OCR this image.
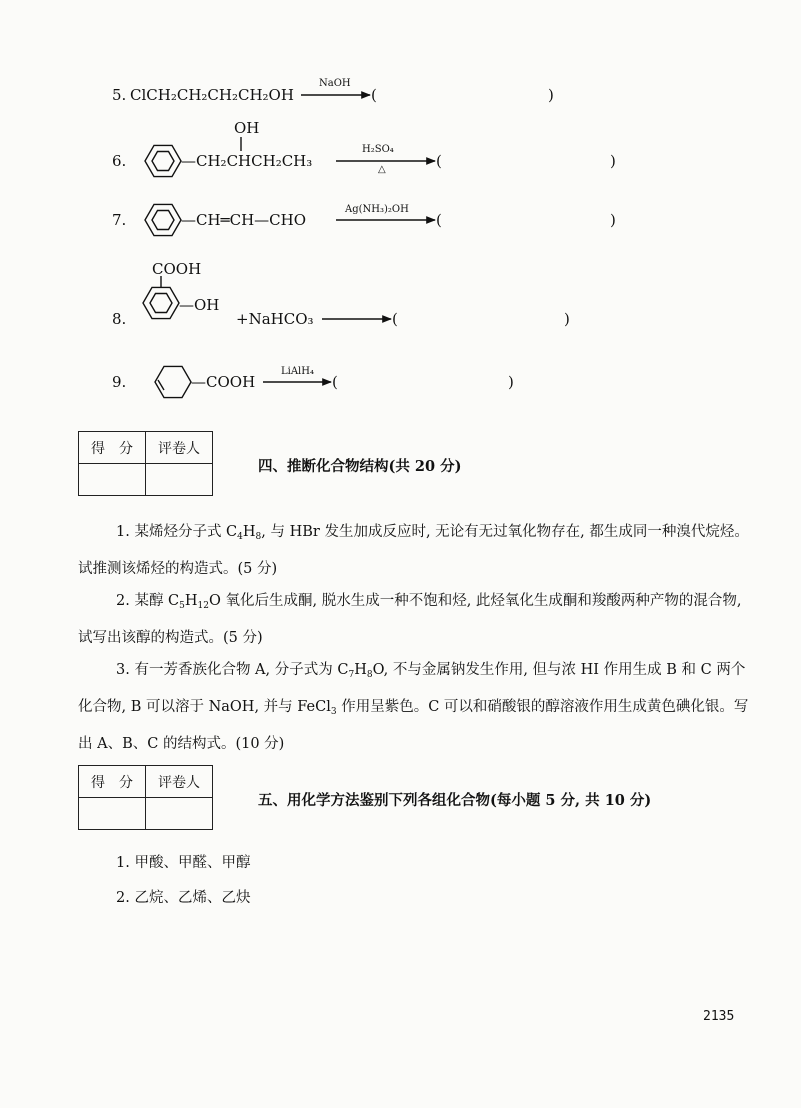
5. ClCH₂CH₂CH₂CH₂OH
NaOH
(	)
6.
OH
—CH₂CHCH₂CH₃
H₂SO₄
△	(	)
7.	—CH═CH—CHO
Ag(NH₃)₂OH
(	)
8.
COOH
—OH
+NaHCO₃	(	)
9.	—COOH
LiAlH₄
(	)
得　分	评卷人

四、推断化合物结构(共 20 分)

1. 某烯烃分子式 $C_4H_8$, 与 HBr 发生加成反应时, 无论有无过氧化物存在, 都生成同一种溴代烷烃。试推测该烯烃的构造式。(5 分)

2. 某醇 $C_5H_{12}O$ 氧化后生成酮, 脱水生成一种不饱和烃, 此烃氧化生成酮和羧酸两种产物的混合物, 试写出该醇的构造式。(5 分)

3. 有一芳香族化合物 A, 分子式为 $C_7H_8O$, 不与金属钠发生作用, 但与浓 HI 作用生成 B 和 C 两个化合物, B 可以溶于 NaOH, 并与 FeCl$_3$ 作用呈紫色。C 可以和硝酸银的醇溶液作用生成黄色碘化银。写出 A、B、C 的结构式。(10 分)

得　分	评卷人

五、用化学方法鉴别下列各组化合物(每小题 5 分, 共 10 分)
1. 甲酸、甲醛、甲醇
2. 乙烷、乙烯、乙炔
2135
